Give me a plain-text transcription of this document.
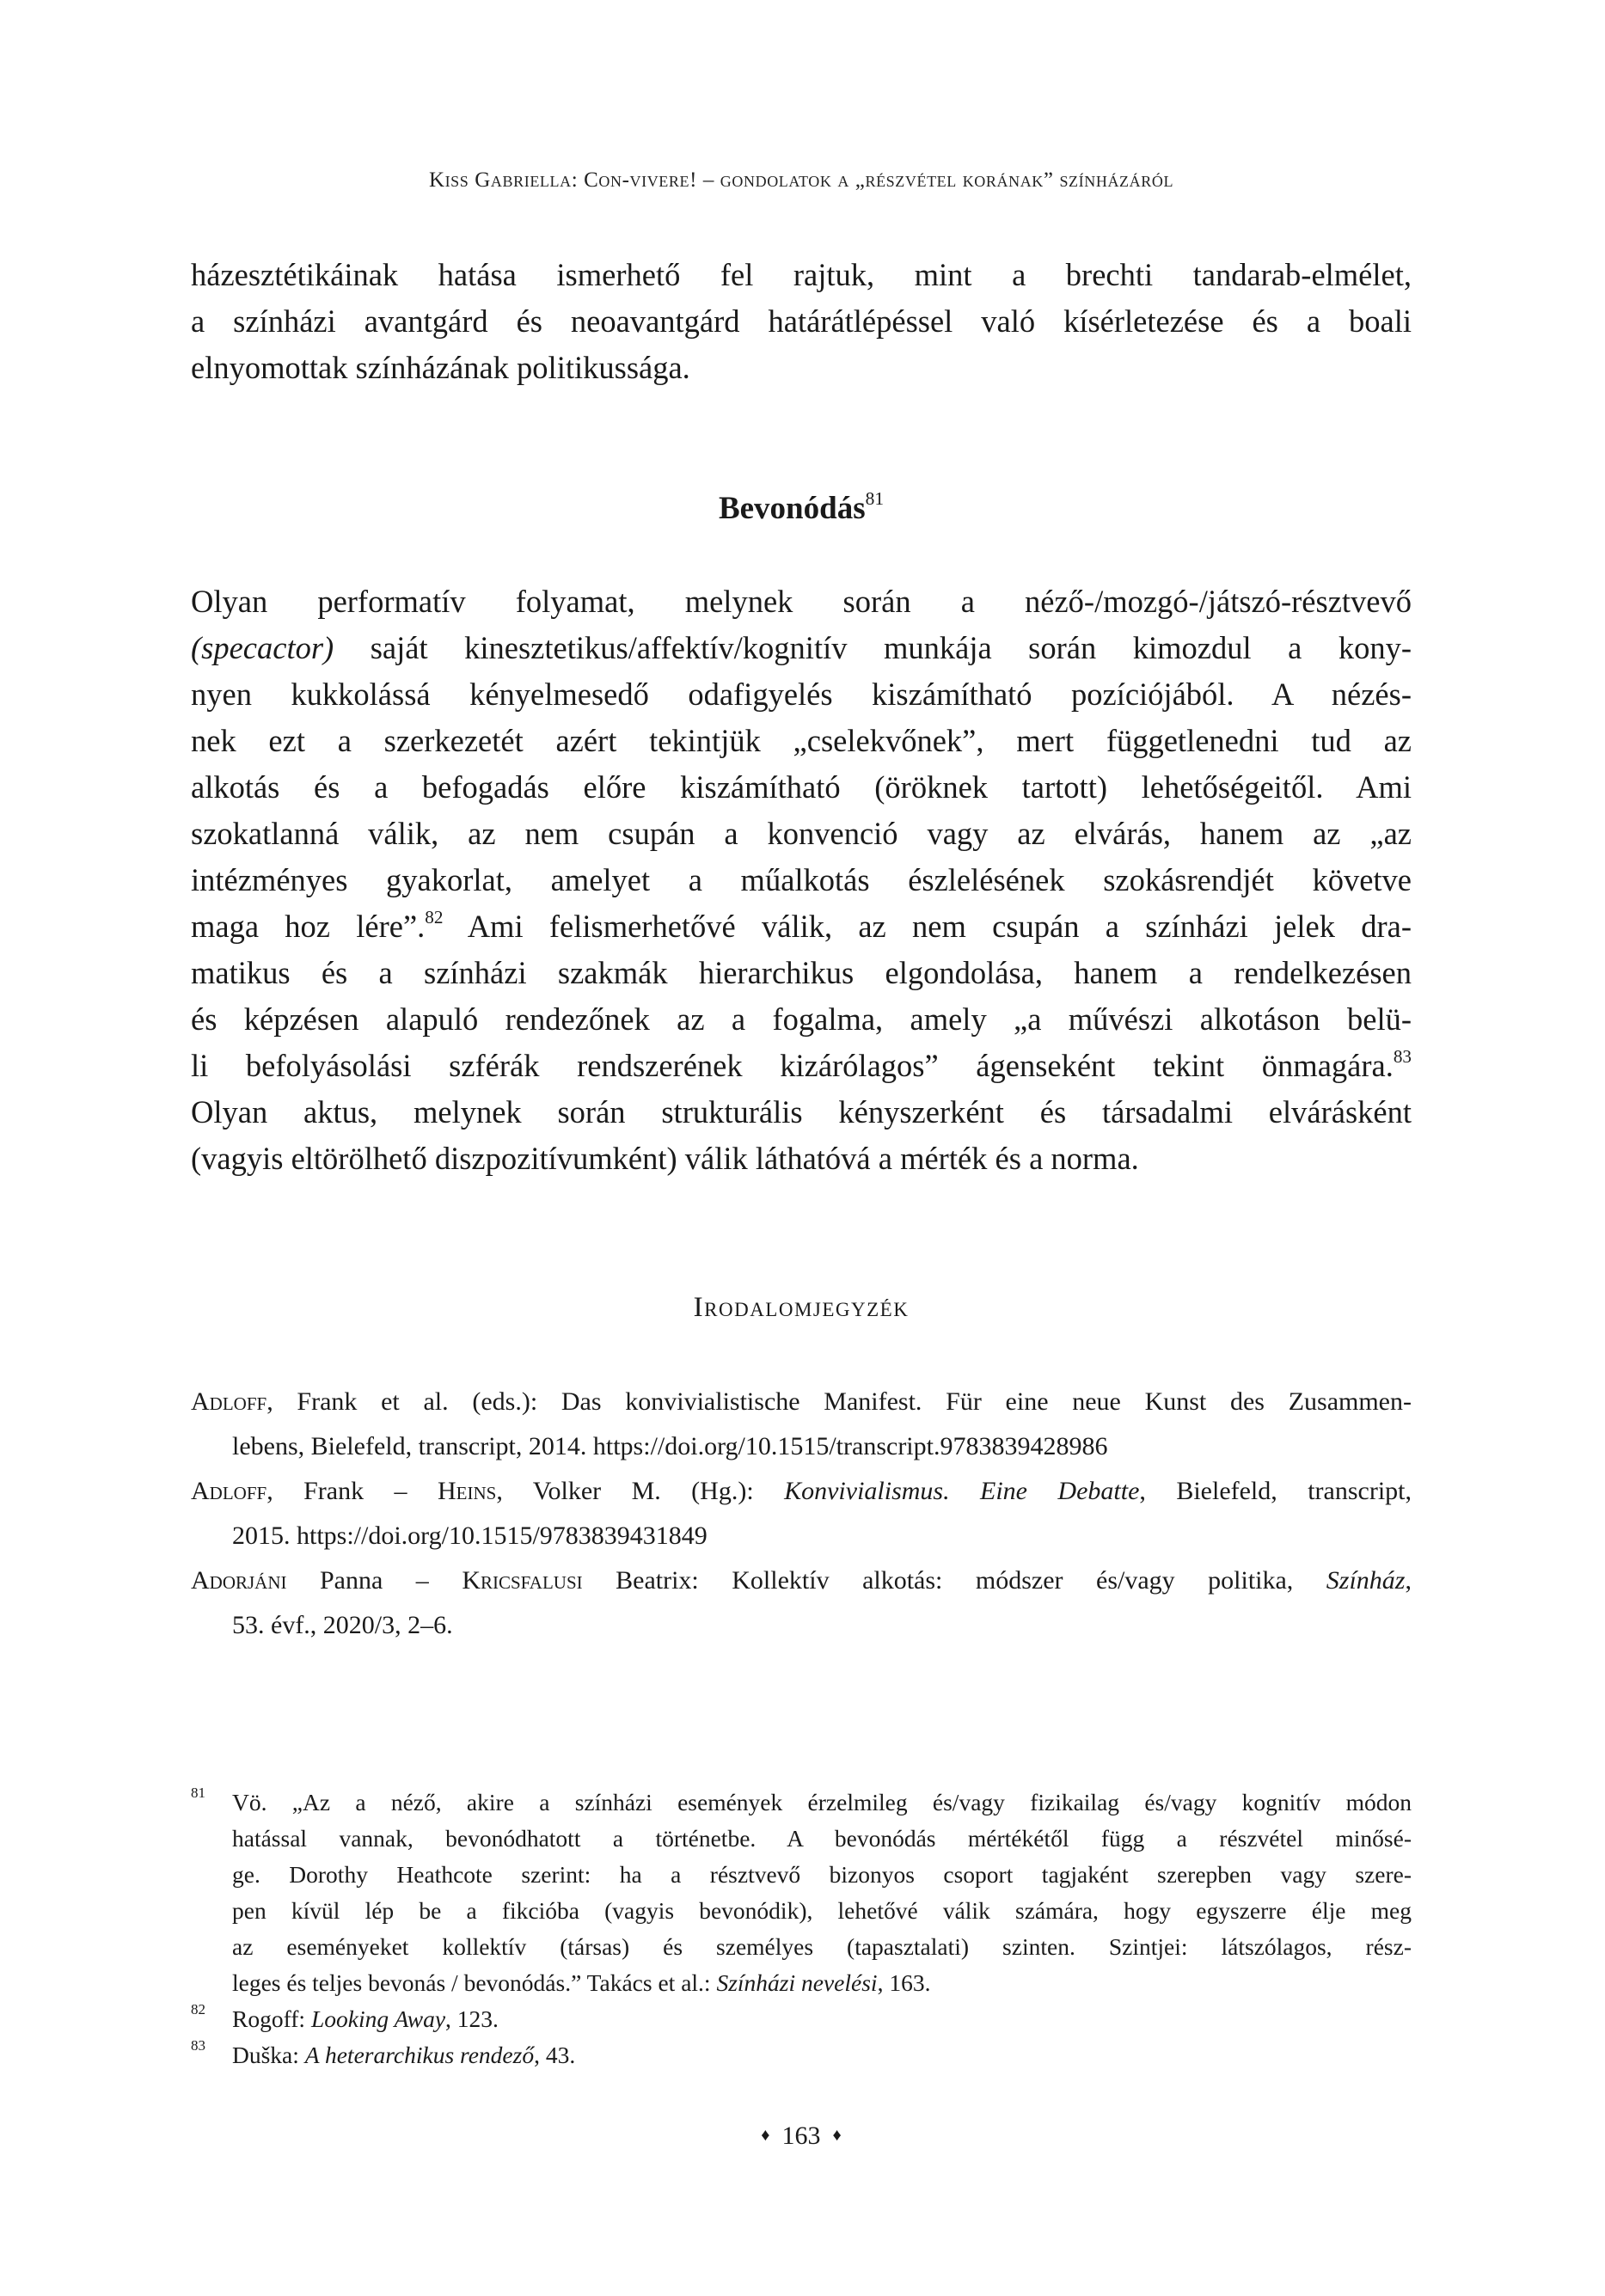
Kiss Gabriella: Con-vivere! – gondolatok a „részvétel korának” színházáról
házesztétikáinak hatása ismerhető fel rajtuk, mint a brechti tandarab-elmélet,
a színházi avantgárd és neoavantgárd határátlépéssel való kísérletezése és a boali
elnyomottak színházának politikussága.
Bevonódás$^{81}$
Olyan performatív folyamat, melynek során a néző-/mozgó-/játszó-résztvevő
(specactor) saját kinesztetikus/affektív/kognitív munkája során kimozdul a kony-
nyen kukkolássá kényelmesedő odafigyelés kiszámítható pozíciójából. A nézés-
nek ezt a szerkezetét azért tekintjük „cselekvőnek”, mert függetlenedni tud az
alkotás és a befogadás előre kiszámítható (öröknek tartott) lehetőségeitől. Ami
szokatlanná válik, az nem csupán a konvenció vagy az elvárás, hanem az „az
intézményes gyakorlat, amelyet a műalkotás észlelésének szokásrendjét követve
maga hoz lére”.$^{82}$ Ami felismerhetővé válik, az nem csupán a színházi jelek dra-
matikus és a színházi szakmák hierarchikus elgondolása, hanem a rendelkezésen
és képzésen alapuló rendezőnek az a fogalma, amely „a művészi alkotáson belü-
li befolyásolási szférák rendszerének kizárólagos” ágenseként tekint önmagára.$^{83}$
Olyan aktus, melynek során strukturális kényszerként és társadalmi elvárásként
(vagyis eltörölhető diszpozitívumként) válik láthatóvá a mérték és a norma.
Irodalomjegyzék
Adloff, Frank et al. (eds.): Das konvivialistische Manifest. Für eine neue Kunst des Zusammen-
lebens, Bielefeld, transcript, 2014. https://doi.org/10.1515/transcript.9783839428986
Adloff, Frank – Heins, Volker M. (Hg.): Konvivialismus. Eine Debatte, Bielefeld, transcript,
2015. https://doi.org/10.1515/9783839431849
Adorjáni Panna – Kricsfalusi Beatrix: Kollektív alkotás: módszer és/vagy politika, Színház,
53. évf., 2020/3, 2–6.
81 Vö. „Az a néző, akire a színházi események érzelmileg és/vagy fizikailag és/vagy kognitív módon
hatással vannak, bevonódhatott a történetbe. A bevonódás mértékétől függ a részvétel minősé-
ge. Dorothy Heathcote szerint: ha a résztvevő bizonyos csoport tagjaként szerepben vagy szere-
pen kívül lép be a fikcióba (vagyis bevonódik), lehetővé válik számára, hogy egyszerre élje meg
az eseményeket kollektív (társas) és személyes (tapasztalati) szinten. Szintjei: látszólagos, rész-
leges és teljes bevonás / bevonódás.” Takács et al.: Színházi nevelési, 163.
82 Rogoff: Looking Away, 123.
83 Duška: A heterarchikus rendező, 43.
♦ 163 ♦
